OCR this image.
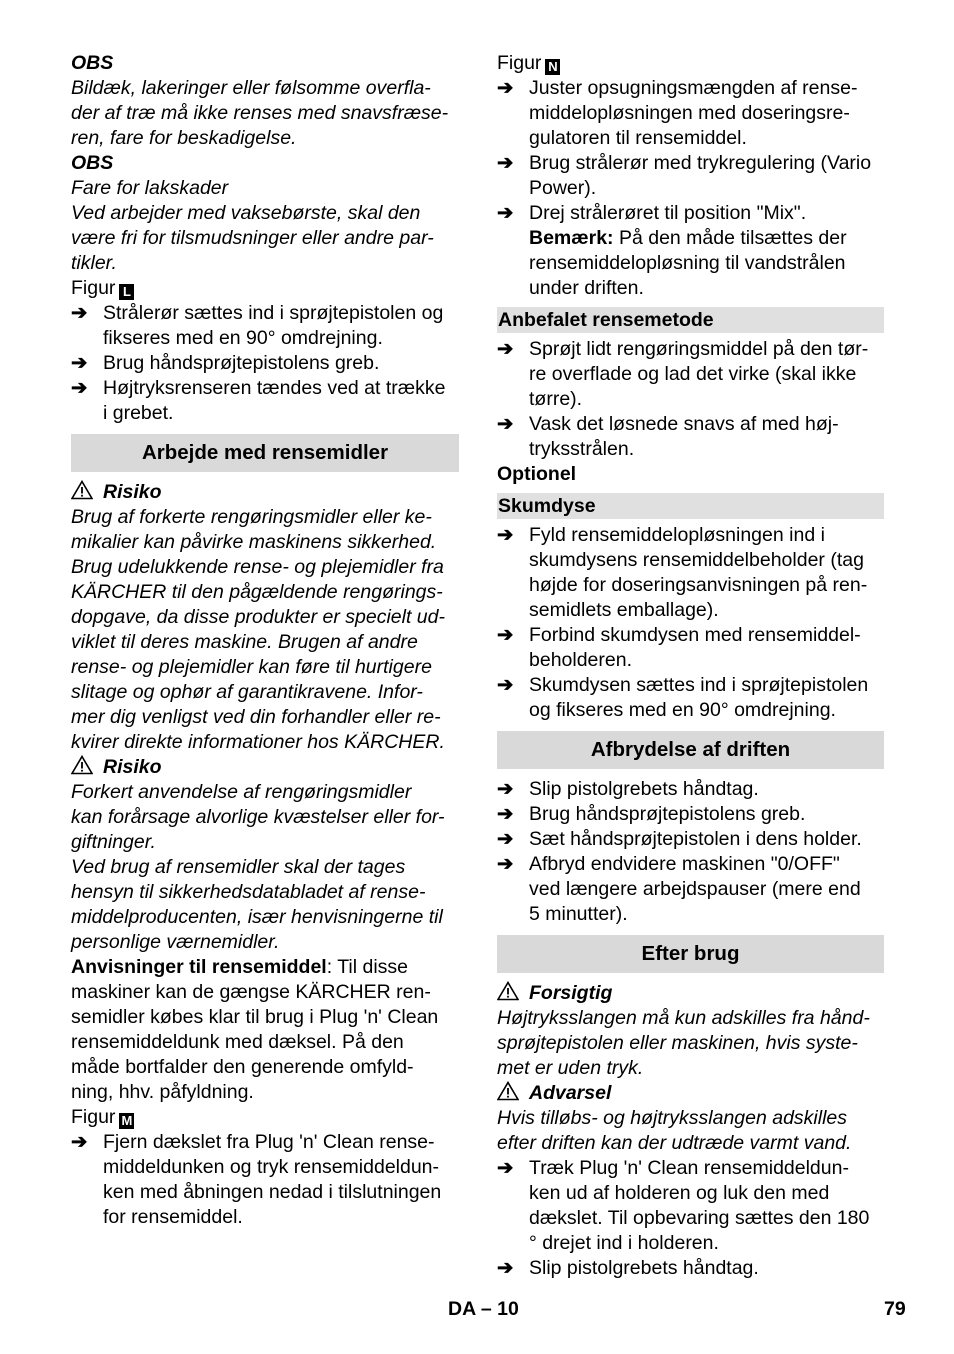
OBS
Bildæk, lakeringer eller følsomme overfla-
der af træ må ikke renses med snavsfræse-
ren, fare for beskadigelse.
OBS
Fare for lakskader
Ved arbejder med vaksebørste, skal den
være fri for tilsmudsninger eller andre par-
tikler.
Figur L
➔ Strålerør sættes ind i sprøjtepistolen og
fikseres med en 90° omdrejning.
➔ Brug håndsprøjtepistolens greb.
➔ Højtryksrenseren tændes ved at trække
i grebet.
Arbejde med rensemidler
Risiko
Brug af forkerte rengøringsmidler eller ke-
mikalier kan påvirke maskinens sikkerhed.
Brug udelukkende rense- og plejemidler fra
KÄRCHER til den pågældende rengørings-
dopgave, da disse produkter er specielt ud-
viklet til deres maskine. Brugen af andre
rense- og plejemidler kan føre til hurtigere
slitage og ophør af garantikravene. Infor-
mer dig venligst ved din forhandler eller re-
kvirer direkte informationer hos KÄRCHER.
Risiko
Forkert anvendelse af rengøringsmidler
kan forårsage alvorlige kvæstelser eller for-
giftninger.
Ved brug af rensemidler skal der tages
hensyn til sikkerhedsdatabladet af rense-
middelproducenten, især henvisningerne til
personlige værnemidler.
Anvisninger til rensemiddel: Til disse
maskiner kan de gængse KÄRCHER ren-
semidler købes klar til brug i Plug 'n' Clean
rensemiddeldunk med dæksel. På den
måde bortfalder den generende omfyld-
ning, hhv. påfyldning.
Figur M
➔ Fjern dækslet fra Plug 'n' Clean rense-
middeldunken og tryk rensemiddeldun-
ken med åbningen nedad i tilslutningen
for rensemiddel.
Figur N
➔ Juster opsugningsmængden af rense-
middelopløsningen med doseringsre-
gulatoren til rensemiddel.
➔ Brug strålerør med trykregulering (Vario
Power).
➔ Drej strålerøret til position "Mix".
Bemærk: På den måde tilsættes der
rensemiddelopløsning til vandstrålen
under driften.
Anbefalet rensemetode
➔ Sprøjt lidt rengøringsmiddel på den tør-
re overflade og lad det virke (skal ikke
tørre).
➔ Vask det løsnede snavs af med høj-
tryksstrålen.
Optionel
Skumdyse
➔ Fyld rensemiddelopløsningen ind i
skumdysens rensemiddelbeholder (tag
højde for doseringsanvisningen på ren-
semidlets emballage).
➔ Forbind skumdysen med rensemiddel-
beholderen.
➔ Skumdysen sættes ind i sprøjtepistolen
og fikseres med en 90° omdrejning.
Afbrydelse af driften
➔ Slip pistolgrebets håndtag.
➔ Brug håndsprøjtepistolens greb.
➔ Sæt håndsprøjtepistolen i dens holder.
➔ Afbryd endvidere maskinen "0/OFF"
ved længere arbejdspauser (mere end
5 minutter).
Efter brug
Forsigtig
Højtryksslangen må kun adskilles fra hånd-
sprøjtepistolen eller maskinen, hvis syste-
met er uden tryk.
Advarsel
Hvis tilløbs- og højtryksslangen adskilles
efter driften kan der udtræde varmt vand.
➔ Træk Plug 'n' Clean rensemiddeldun-
ken ud af holderen og luk den med
dækslet. Til opbevaring sættes den 180
° drejet ind i holderen.
➔ Slip pistolgrebets håndtag.
DA – 10	79
